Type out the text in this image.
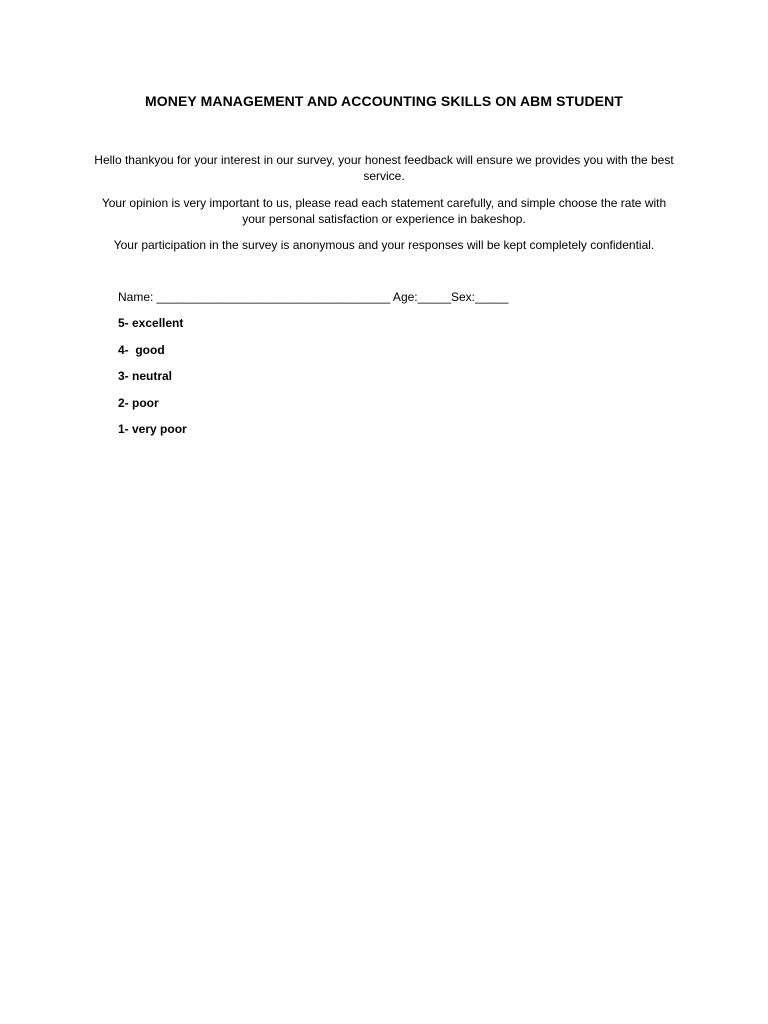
MONEY MANAGEMENT AND ACCOUNTING SKILLS ON ABM STUDENT
Hello thankyou for your interest in our survey, your honest feedback will ensure we provides you with the best service.
Your opinion is very important to us, please read each statement carefully, and simple choose the rate with your personal satisfaction or experience in bakeshop.
Your participation in the survey is anonymous and your responses will be kept completely confidential.
Name: ___________________________________ Age:_____Sex:_____
5- excellent
4-  good
3- neutral
2- poor
1- very poor
